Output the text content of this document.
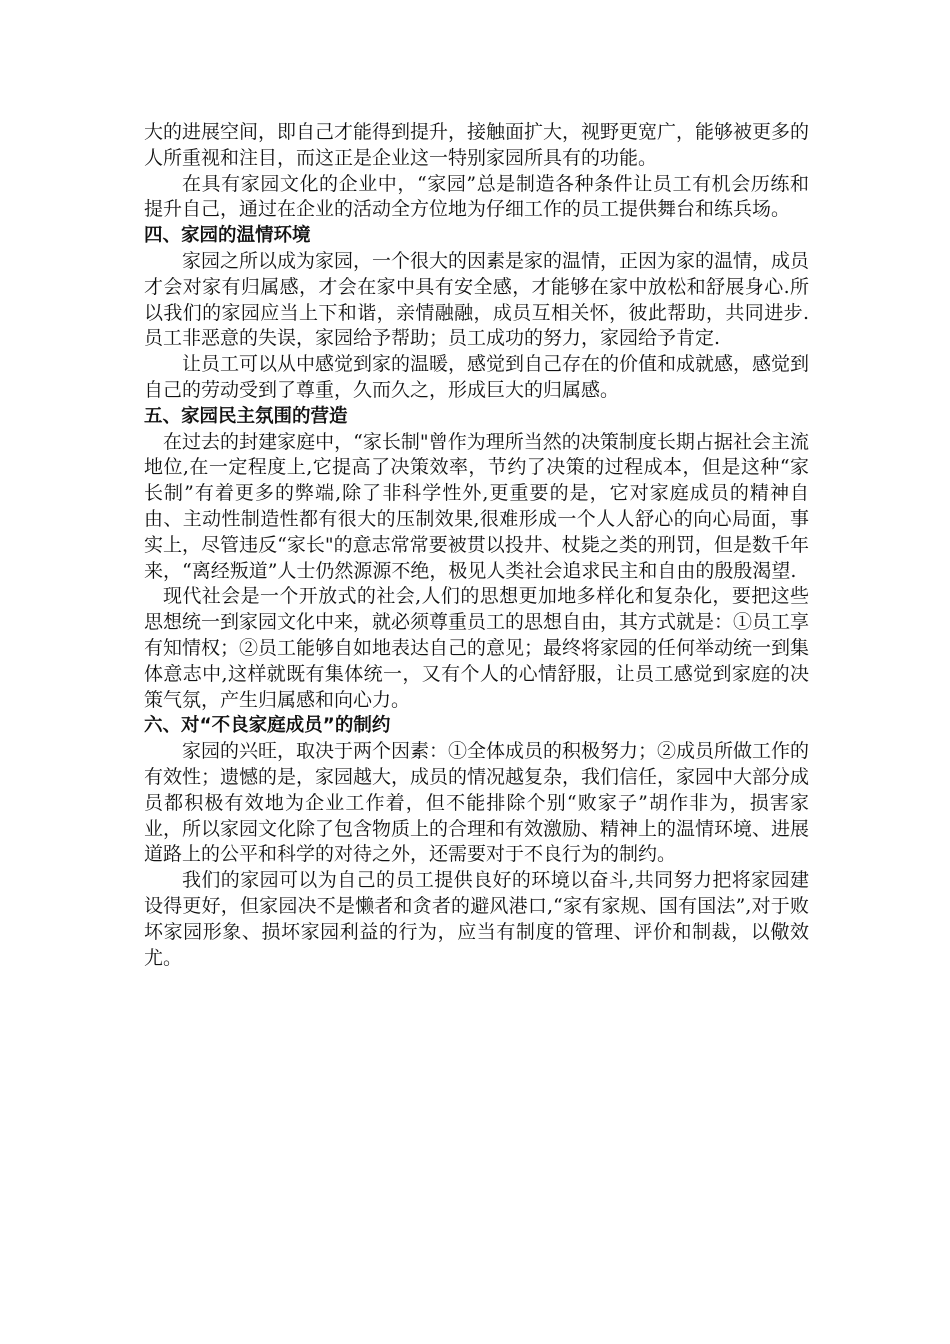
大的进展空间，即自己才能得到提升，接触面扩大，视野更宽广，能够被更多的人所重视和注目，而这正是企业这一特别家园所具有的功能。

在具有家园文化的企业中，“家园”总是制造各种条件让员工有机会历练和提升自己，通过在企业的活动全方位地为仔细工作的员工提供舞台和练兵场。

四、家园的温情环境

家园之所以成为家园，一个很大的因素是家的温情，正因为家的温情，成员才会对家有归属感，才会在家中具有安全感，才能够在家中放松和舒展身心.所以我们的家园应当上下和谐，亲情融融，成员互相关怀，彼此帮助，共同进步.员工非恶意的失误，家园给予帮助；员工成功的努力，家园给予肯定.

让员工可以从中感觉到家的温暖，感觉到自己存在的价值和成就感，感觉到自己的劳动受到了尊重，久而久之，形成巨大的归属感。

五、家园民主氛围的营造

在过去的封建家庭中，“家长制"曾作为理所当然的决策制度长期占据社会主流地位,在一定程度上,它提高了决策效率，节约了决策的过程成本，但是这种“家长制”有着更多的弊端,除了非科学性外,更重要的是，它对家庭成员的精神自由、主动性制造性都有很大的压制效果,很难形成一个人人舒心的向心局面，事实上，尽管违反“家长"的意志常常要被贯以投井、杖毙之类的刑罚，但是数千年来，“离经叛道”人士仍然源源不绝，极见人类社会追求民主和自由的殷殷渴望.

现代社会是一个开放式的社会,人们的思想更加地多样化和复杂化，要把这些思想统一到家园文化中来，就必须尊重员工的思想自由，其方式就是：①员工享有知情权；②员工能够自如地表达自己的意见；最终将家园的任何举动统一到集体意志中,这样就既有集体统一，又有个人的心情舒服，让员工感觉到家庭的决策气氛，产生归属感和向心力。

六、对“不良家庭成员”的制约

家园的兴旺，取决于两个因素：①全体成员的积极努力；②成员所做工作的有效性；遗憾的是，家园越大，成员的情况越复杂，我们信任，家园中大部分成员都积极有效地为企业工作着，但不能排除个别“败家子”胡作非为，损害家业，所以家园文化除了包含物质上的合理和有效激励、精神上的温情环境、进展道路上的公平和科学的对待之外，还需要对于不良行为的制约。

我们的家园可以为自己的员工提供良好的环境以奋斗,共同努力把将家园建设得更好，但家园决不是懒者和贪者的避风港口,“家有家规、国有国法”,对于败坏家园形象、损坏家园利益的行为，应当有制度的管理、评价和制裁，以儆效尤。
